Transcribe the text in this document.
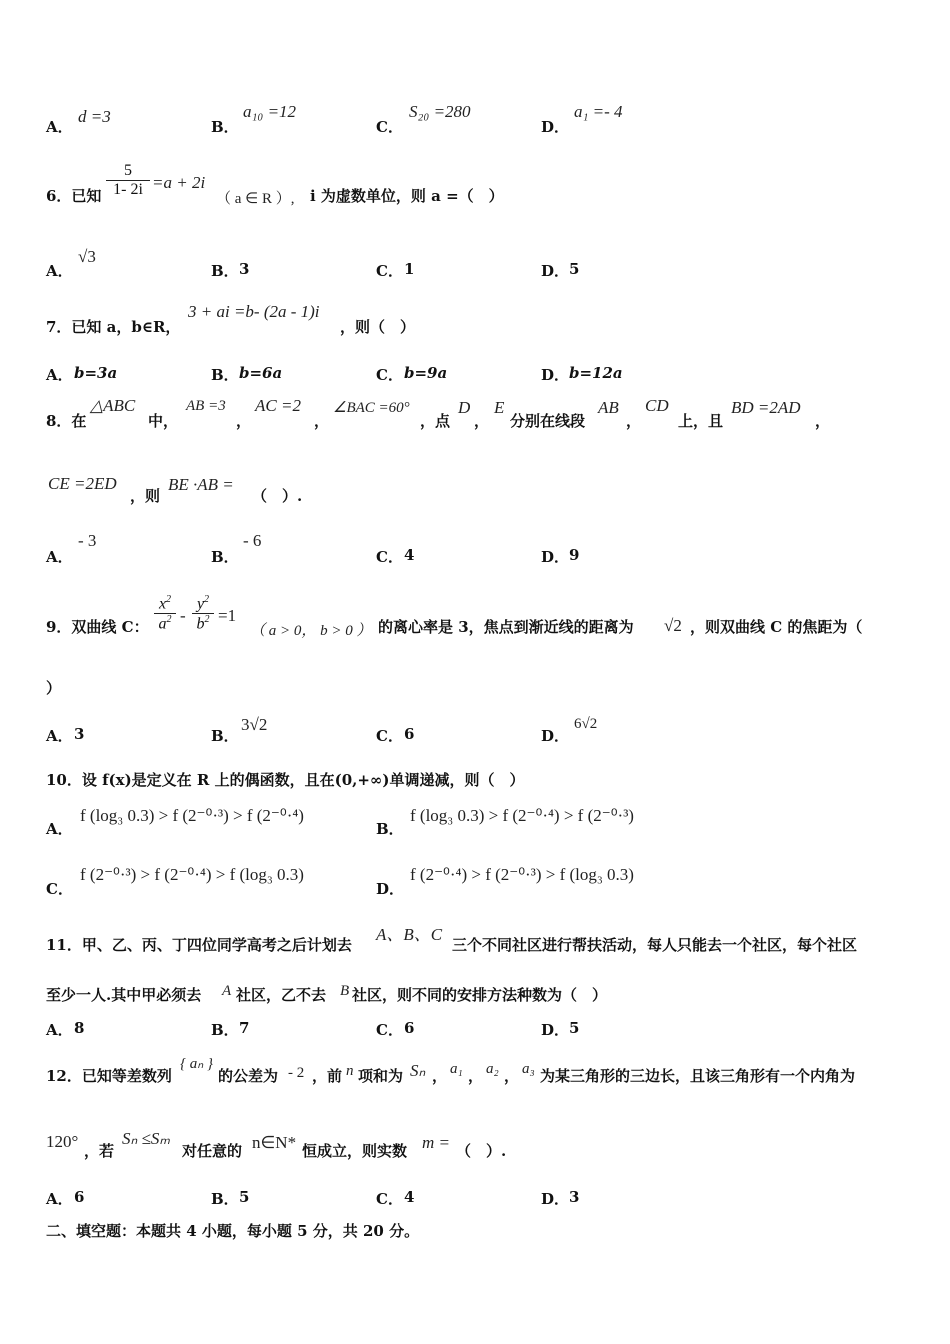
A．
d =3
B．
a₁₀ =12
C．
S₂₀ =280
D．
a₁ =- 4
6．已知 $\frac{5}{1- 2i} =a + 2i$
（ a ∈ R ）, i 为虚数单位，则 a =（　）
A．
√3
B． 3	C． 1	D． 5
7．已知 a，b∈R，
3 + ai =b- (2a - 1)i
，则（　）
A． b=3a	B． b=6a	C． b=9a	D． b=12a
8．在
△ABC
中，
AB =3
，
AC =2
，
∠BAC =60°
，点
D
，
E
分别在线段
AB
，
CD
上，且
BD =2AD
，
CE =2ED
，则
BE ·AB =
（　）.
A．
- 3
B．
- 6
C． 4	D． 9
9．双曲线 C： $\frac{x^2}{a^2} - \frac{y^2}{b^2} =1$
（ a > 0， b > 0 ） 的离心率是 3，焦点到渐近线的距离为 √2 ，则双曲线 C 的焦距为（
）
A． 3	B．
3√2
C． 6	D．
6√2
10．设 f(x)是定义在 R 上的偶函数，且在(0,+∞)单调递减，则（　）
A．
f (log₃ 0.3) > f (2⁻⁰·³) > f (2⁻⁰·⁴)
B．
f (log₃ 0.3) > f (2⁻⁰·⁴) > f (2⁻⁰·³)
C．
f (2⁻⁰·³) > f (2⁻⁰·⁴) > f (log₃ 0.3)
D．
f (2⁻⁰·⁴) > f (2⁻⁰·³) > f (log₃ 0.3)
11．甲、乙、丙、丁四位同学高考之后计划去
A、B、C
三个不同社区进行帮扶活动，每人只能去一个社区，每个社区
至少一人.其中甲必须去 A 社区，乙不去 B 社区，则不同的安排方法种数为（　）
A． 8	B． 7	C． 6	D． 5
12．已知等差数列
{ aₙ }
的公差为 - 2 ，前 n 项和为 Sₙ ， a₁ ， a₂ ， a₃ 为某三角形的三边长，且该三角形有一个内角为
120° ，若
Sₙ ≤Sₘ
对任意的 n∈N* 恒成立，则实数 m = （　）.
A． 6	B． 5	C． 4	D． 3
二、填空题：本题共 4 小题，每小题 5 分，共 20 分。
